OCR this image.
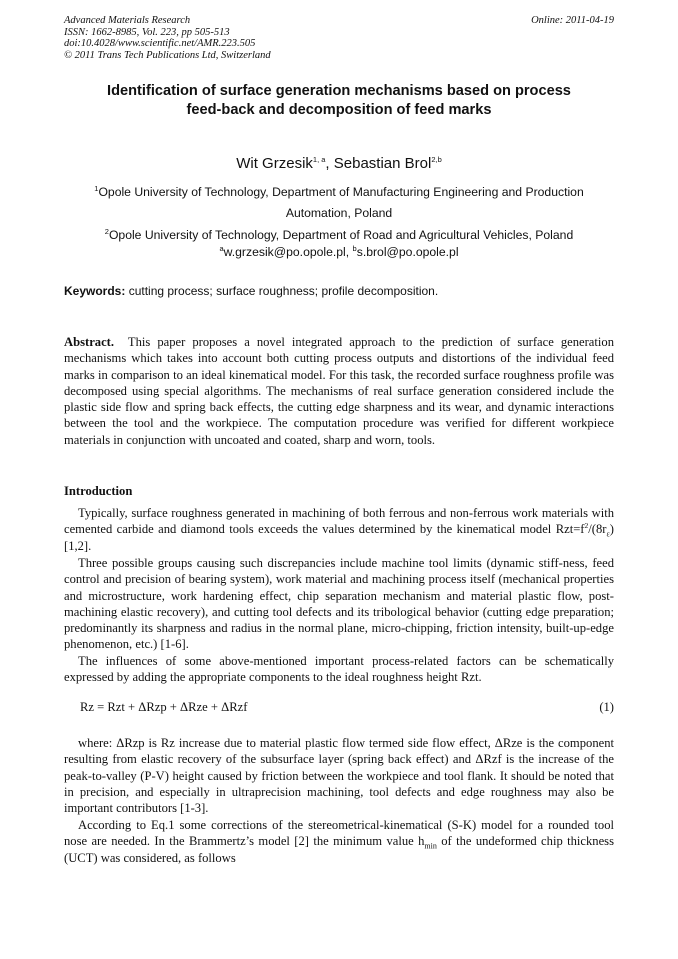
Advanced Materials Research
ISSN: 1662-8985, Vol. 223, pp 505-513
doi:10.4028/www.scientific.net/AMR.223.505
© 2011 Trans Tech Publications Ltd, Switzerland
Online: 2011-04-19
Identification of surface generation mechanisms based on process
feed-back and decomposition of feed marks
Wit Grzesik$^{1, a}$, Sebastian Brol$^{2,b}$
$^1$Opole University of Technology, Department of Manufacturing Engineering and Production
Automation, Poland
$^2$Opole University of Technology, Department of Road and Agricultural Vehicles, Poland
$^a$w.grzesik@po.opole.pl, $^b$s.brol@po.opole.pl
Keywords: cutting process; surface roughness; profile decomposition.

Abstract.  This paper proposes a novel integrated approach to the prediction of surface generation mechanisms which takes into account both cutting process outputs and distortions of the individual feed marks in comparison to an ideal kinematical model. For this task, the recorded surface roughness profile was decomposed using special algorithms. The mechanisms of real surface generation considered include the plastic side flow and spring back effects, the cutting edge sharpness and its wear, and dynamic interactions between the tool and the workpiece. The computation procedure was verified for different workpiece materials in conjunction with uncoated and coated, sharp and worn, tools.

Introduction

Typically, surface roughness generated in machining of both ferrous and non-ferrous work materials with cemented carbide and diamond tools exceeds the values determined by the kinematical model $Rzt=f^2/(8r_\varepsilon)$ [1,2].

Three possible groups causing such discrepancies include machine tool limits (dynamic stiff-ness, feed control and precision of bearing system), work material and machining process itself (mechanical properties and microstructure, work hardening effect, chip separation mechanism and material plastic flow, post-machining elastic recovery), and cutting tool defects and its tribological behavior (cutting edge preparation; predominantly its sharpness and radius in the normal plane, micro-chipping, friction intensity, built-up-edge phenomenon, etc.) [1-6].

The influences of some above-mentioned important process-related factors can be schematically expressed by adding the appropriate components to the ideal roughness height Rzt.

Rz = Rzt + ΔRzp + ΔRze + ΔRzf	(1)

where: ΔRzp is Rz increase due to material plastic flow termed side flow effect, ΔRze is the component resulting from elastic recovery of the subsurface layer (spring back effect) and ΔRzf is the increase of the peak-to-valley (P-V) height caused by friction between the workpiece and tool flank. It should be noted that in precision, and especially in ultraprecision machining, tool defects and edge roughness may also be important contributors [1-3].

According to Eq.1 some corrections of the stereometrical-kinematical (S-K) model for a rounded tool nose are needed. In the Brammertz’s model [2] the minimum value $h_{min}$ of the undeformed chip thickness (UCT) was considered, as follows
